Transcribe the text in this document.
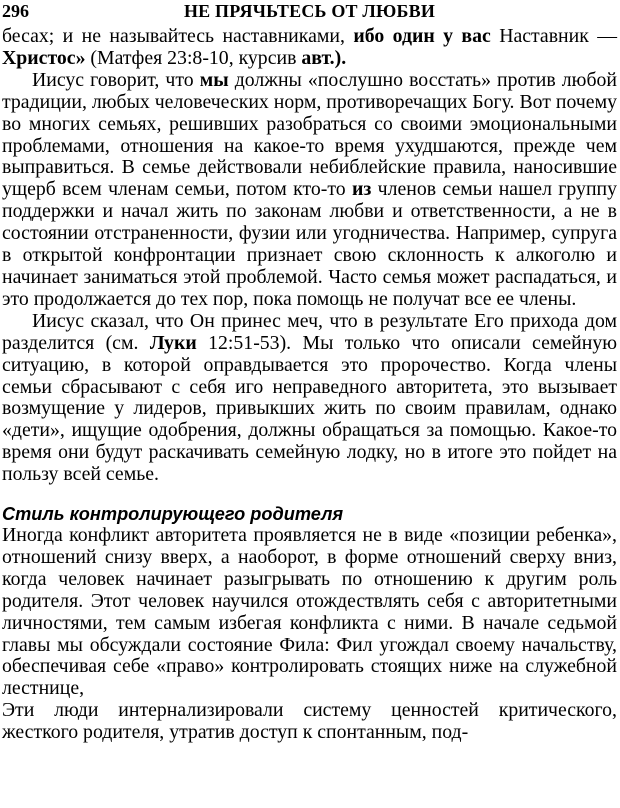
296	НЕ ПРЯЧЬТЕСЬ ОТ ЛЮБВИ

бесах; и не называйтесь наставниками, ибо один у вас Наставник — Христос» (Матфея 23:8-10, курсив авт.).

Иисус говорит, что мы должны «послушно восстать» против любой традиции, любых человеческих норм, противоречащих Богу. Вот почему во многих семьях, решивших разобраться со своими эмоциональными проблемами, отношения на какое-то время ухудшаются, прежде чем выправиться. В семье действовали небиблейские правила, наносившие ущерб всем членам семьи, потом кто-то из членов семьи нашел группу поддержки и начал жить по законам любви и ответственности, а не в состоянии отстраненности, фузии или угодничества. Например, супруга в открытой конфронтации признает свою склонность к алкоголю и начинает заниматься этой проблемой. Часто семья может распадаться, и это продолжается до тех пор, пока помощь не получат все ее члены.

Иисус сказал, что Он принес меч, что в результате Его прихода дом разделится (см. Луки 12:51-53). Мы только что описали семейную ситуацию, в которой оправдывается это пророчество. Когда члены семьи сбрасывают с себя иго неправедного авторитета, это вызывает возмущение у лидеров, привыкших жить по своим правилам, однако «дети», ищущие одобрения, должны обращаться за помощью. Какое-то время они будут раскачивать семейную лодку, но в итоге это пойдет на пользу всей семье.

Стиль контролирующего родителя

Иногда конфликт авторитета проявляется не в виде «позиции ребенка», отношений снизу вверх, а наоборот, в форме отношений сверху вниз, когда человек начинает разыгрывать по отношению к другим роль родителя. Этот человек научился отождествлять себя с авторитетными личностями, тем самым избегая конфликта с ними. В начале седьмой главы мы обсуждали состояние Фила: Фил угождал своему начальству, обеспечивая себе «право» контролировать стоящих ниже на служебной лестнице,

Эти люди интернализировали систему ценностей критического, жесткого родителя, утратив доступ к спонтанным, под-
